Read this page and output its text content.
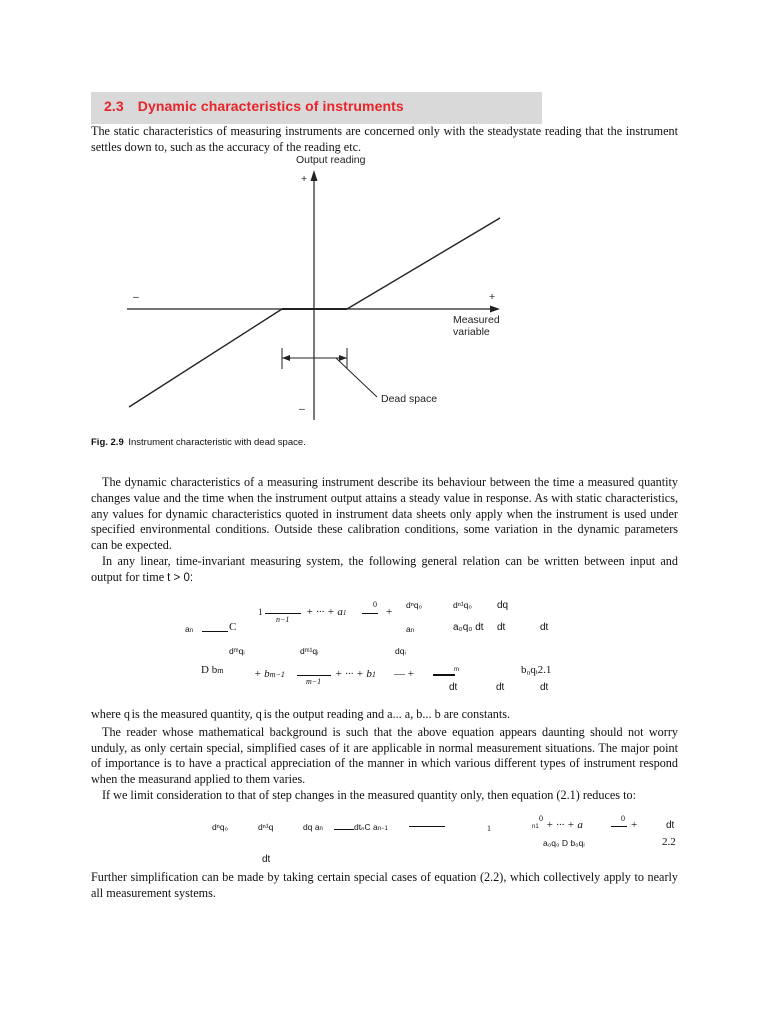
2.3 Dynamic characteristics of instruments
The static characteristics of measuring instruments are concerned only with the steadystate reading that the instrument
settles down to, such as the accuracy of the reading etc.
Output reading
+
–	+
Measured
variable
Dead space
–
Fig. 2.9 Instrument characteristic with dead space.
The dynamic characteristics of a measuring instrument describe its behaviour between the time a measured quantity
changes value and the time when the instrument output attains a steady value in response. As with static characteristics,
any values for dynamic characteristics quoted in instrument data sheets only apply when the instrument is used under
specified environmental conditions. Outside these calibration conditions, some variation in the dynamic parameters
can be expected.
In any linear, time-invariant measuring system, the following general relation can be written between input and
output for time t > 0:
an	C
1
n−1
+ ··· + a1
0
+
dⁿq₀	dⁿ¹q₀	dq
an	a₀q₀ dt dt	dt
dᵐqᵢ	dᵐ¹qᵢ	dqᵢ
D bm	+ bm−1
m−1
+ ··· + b1 — +	m	b₀qᵢ2.1
dt	dt	dt
where q is the measured quantity, q is the output reading and a... a, b... b are constants.
The reader whose mathematical background is such that the above equation appears daunting should not worry
unduly, as only certain special, simplified cases of it are applicable in normal measurement situations. The major point
of importance is to have a practical appreciation of the manner in which various different types of instrument respond
when the measurand applied to them varies.
If we limit consideration to that of step changes in the measured quantity only, then equation (2.1) reduces to:
dⁿq₀	dⁿ¹q	dq an	dtₙC an−1	1	n1
0
+ ··· + a
0
+	dt
a₀q₀ D b₀qᵢ	2.2
dt
Further simplification can be made by taking certain special cases of equation (2.2), which collectively apply to nearly
all measurement systems.
